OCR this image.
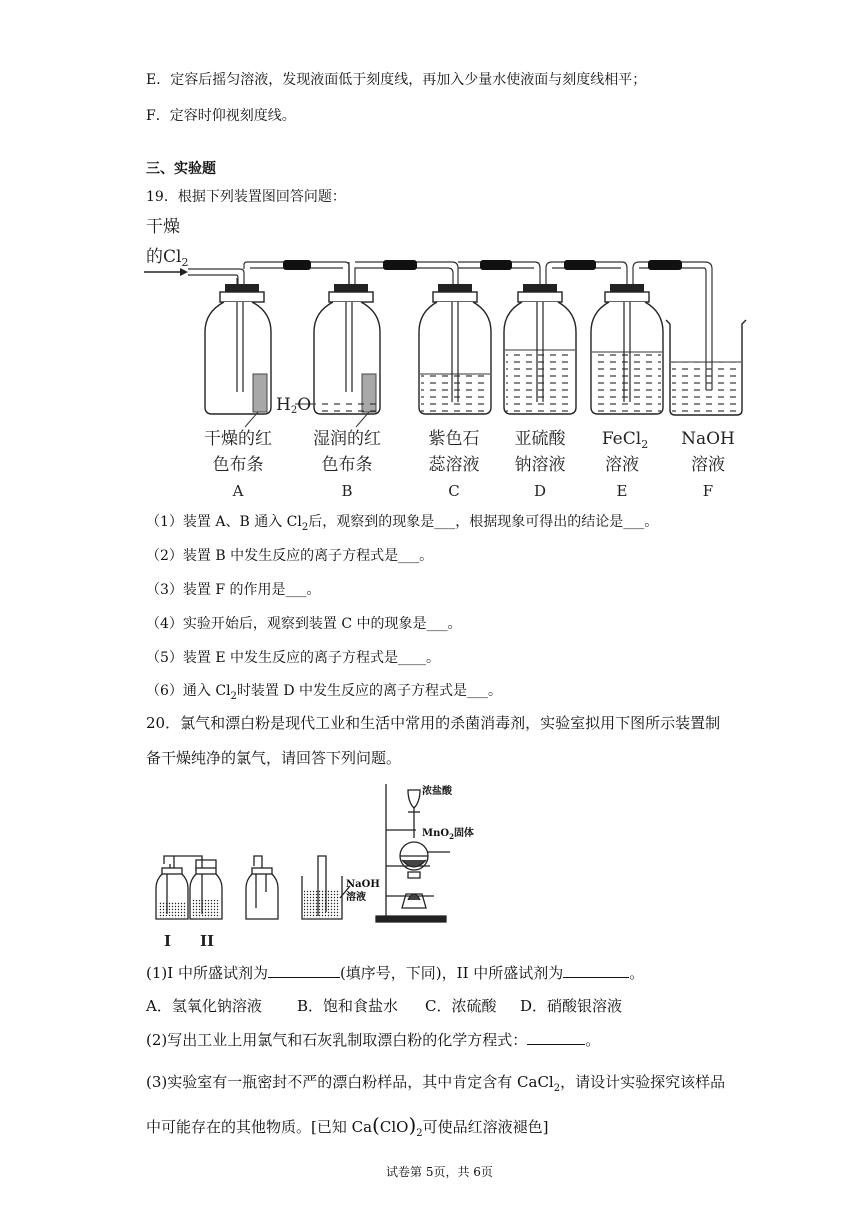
E．定容后摇匀溶液，发现液面低于刻度线，再加入少量水使液面与刻度线相平；
F．定容时仰视刻度线。
三、实验题
19．根据下列装置图回答问题：
干燥
的$Cl_2$
H2O
干燥的红
色布条
A
湿润的红
色布条
B
紫色石
蕊溶液
C
亚硫酸
钠溶液
D
FeCl$_2$
溶液
E
NaOH
溶液
F
（1）装置 A、B 通入 $Cl_2$后，观察到的现象是___，根据现象可得出的结论是___。
（2）装置 B 中发生反应的离子方程式是___。
（3）装置 F 的作用是___。
（4）实验开始后，观察到装置 C 中的现象是___。
（5）装置 E 中发生反应的离子方程式是____。
（6）通入 $Cl_2$时装置 D 中发生反应的离子方程式是___。
20．氯气和漂白粉是现代工业和生活中常用的杀菌消毒剂，实验室拟用下图所示装置制
备干燥纯净的氯气，请回答下列问题。
NaOH
溶液
浓盐酸
MnO$_2$固体
I II
(1)I 中所盛试剂为	(填序号，下同)，II 中所盛试剂为	。
A．氢氧化钠溶液 B．饱和食盐水 C．浓硫酸 D．硝酸银溶液
(2)写出工业上用氯气和石灰乳制取漂白粉的化学方程式：	。
(3)实验室有一瓶密封不严的漂白粉样品，其中肯定含有 CaCl$_2$，请设计实验探究该样品
中可能存在的其他物质。[已知 $Ca(ClO)_2$可使品红溶液褪色]
试卷第 5页，共 6页
